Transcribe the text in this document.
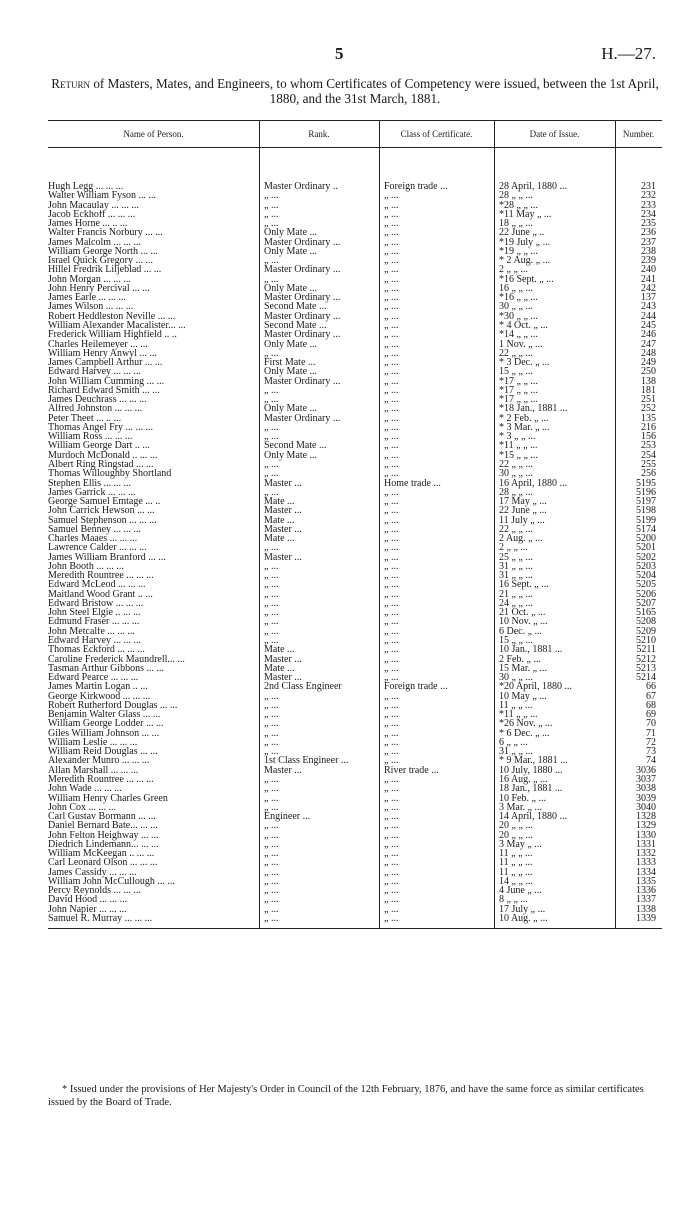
5	H.—27.
Return of Masters, Mates, and Engineers, to whom Certificates of Competency were issued, between the 1st April, 1880, and the 31st March, 1881.
Name of Person.	Rank.	Class of Certificate.	Date of Issue.	Number.
Hugh Legg ... ... ...	Master Ordinary ..	Foreign trade ...	28 April, 1880 ...	231
Walter William Fyson ... ...	„ ...	„ ...	28 „ „ ...	232
John Macaulay ... ... ...	„ ...	„ ...	*28 „ „ ...	233
Jacob Eckhoff ... ... ...	„ ...	„ ...	*11 May „ ...	234
James Horne ... .. ...	„ ...	„ ...	18 „ „ ...	235
Walter Francis Norbury ... ...	Only Mate ...	„ ...	22 June „ ..	236
James Malcolm ... ... ...	Master Ordinary ...	„ ...	*19 July „ ...	237
William George North ... ...	Only Mate ...	„ ...	*19 „ „ ...	238
Israel Quick Gregory ... ...	„ ...	„ ...	* 2 Aug. „ ...	239
Hillel Fredrik Liljeblad ... ...	Master Ordinary ...	„ ...	2 „ „ ...	240
John Morgan ... ... ...	„ ...	„ ...	*16 Sept. „ ...	241
John Henry Percival ... ...	Only Mate ...	„ ...	16 „ „ ...	242
James Earle ... ... ...	Master Ordinary ...	„ ...	*16 „ „ ...	137
James Wilson ... ... ...	Second Mate ...	„ ...	30 „ „ ...	243
Robert Heddleston Neville ... ...	Master Ordinary ...	„ ...	*30 „ „ ...	244
William Alexander Macalister... ...	Second Mate ...	„ ...	* 4 Oct. „ ...	245
Frederick William Highfield .. ..	Master Ordinary ...	„ ...	*14 „ „ ...	246
Charles Heilemeyer ... ...	Only Mate ...	„ ...	1 Nov. „ ...	247
William Henry Anwyl ... ...	„ ...	„ ...	22 „ „ ...	248
James Campbell Arthur ... ...	First Mate ...	„ ...	* 3 Dec. „ ...	249
Edward Harvey ... ... ...	Only Mate ...	„ ...	15 „ „ ...	250
John William Cumming ... ...	Master Ordinary ...	„ ...	*17 „ „ ...	138
Richard Edward Smith ... ...	„ ...	„ ...	*17 „ „ ...	181
James Deuchrass ... ... ...	„ ...	„ ...	*17 „ „ ...	251
Alfred Johnston ... ... ...	Only Mate ...	„ ...	*18 Jan., 1881 ...	252
Peter Theet ... .. ...	Master Ordinary ...	„ ...	* 2 Feb. „ ...	135
Thomas Angel Fry ... ... ...	„ ...	„ ...	* 3 Mar. „ ...	216
William Ross ... ... ...	„ ...	„ ...	* 3 „ „ ...	156
William George Dart .. ...	Second Mate ...	„ ...	*11 „ „ ...	253
Murdoch McDonald .. ... ...	Only Mate ...	„ ...	*15 „ „ ...	254
Albert Ring Ringstad ... ...	„ ...	„ ...	22 „ „ ...	255
Thomas Willoughby Shortland	„ ...	„ ...	30 „ „ ...	256
Stephen Ellis ... ... ...	Master ...	Home trade ...	16 April, 1880 ...	5195
James Garrick ... ... ...	„ ...	„ ...	28 „ „ ...	5196
George Samuel Emtage ... ..	Mate ...	„ ...	17 May „ ...	5197
John Carrick Hewson ... ...	Master ...	„ ...	22 June „ ...	5198
Samuel Stephenson ... ... ...	Mate ...	„ ...	11 July „ ...	5199
Samuel Benney ... ... ...	Master ...	„ ...	22 „ „ ...	5174
Charles Maaes ... ... ...	Mate ...	„ ...	2 Aug. „ ...	5200
Lawrence Calder ... ... ...	„ ...	„ ...	2 „ „ ...	5201
James William Branford ... ...	Master ...	„ ...	25 „ „ ...	5202
John Booth ... ... ...	„ ...	„ ...	31 „ „ ...	5203
Meredith Rountree ... ... ...	„ ...	„ ...	31 „ „ ...	5204
Edward McLeod ... ... ...	„ ...	„ ...	16 Sept. „ ...	5205
Maitland Wood Grant .. ...	„ ...	„ ...	21 „ „ ...	5206
Edward Bristow ... ... ...	„ ...	„ ...	24 „ „ ...	5207
John Steel Elgie .. ... ...	„ ...	„ ...	21 Oct. „ ...	5165
Edmund Fraser ... ... ...	„ ...	„ ...	10 Nov. „ ...	5208
John Metcalfe ... ... ...	„ ...	„ ...	6 Dec. „ ...	5209
Edward Harvey ... ... ...	„ ...	„ ...	15 „ „ ...	5210
Thomas Eckford ... ... ...	Mate ...	„ ...	10 Jan., 1881 ...	5211
Caroline Frederick Maundrell... ...	Master ...	„ ...	2 Feb. „ ...	5212
Tasman Arthur Gibbons ... ...	Mate ...	„ ...	15 Mar. „ ...	5213
Edward Pearce ... ... ...	Master ...	„ ...	30 „ „ ...	5214
James Martin Logan .. ...	2nd Class Engineer	Foreign trade ...	*20 April, 1880 ...	66
George Kirkwood ... ... ...	„ ...	„ ...	10 May „ ...	67
Robert Rutherford Douglas ... ...	„ ...	„ ...	11 „ „ ...	68
Benjamin Walter Glass ... ...	„ ...	„ ...	*11 „ „ ...	69
William George Lodder ... ...	„ ...	„ ...	*26 Nov. „ ...	70
Giles William Johnson ... ...	„ ...	„ ...	* 6 Dec. „ ...	71
William Leslie ... ... ...	„ ...	„ ...	6 „ „ ...	72
William Reid Douglas ... ...	„ ...	„ ...	31 „ „ ...	73
Alexander Munro ... ... ...	1st Class Engineer ...	„ ...	* 9 Mar., 1881 ...	74
Allan Marshall ... ... ...	Master ...	River trade ...	10 July, 1880 ...	3036
Meredith Rountree ... ... ...	„ ...	„ ...	16 Aug. „ ...	3037
John Wade ... ... ...	„ ...	„ ...	18 Jan., 1881 ...	3038
William Henry Charles Green	„ ...	„ ...	10 Feb. „ ...	3039
John Cox ... ... ...	„ ...	„ ...	3 Mar. „ ...	3040
Carl Gustav Bormann ... ...	Engineer ...	„ ...	14 April, 1880 ...	1328
Daniel Bernard Bate... ... ...	„ ...	„ ...	20 „ „ ...	1329
John Felton Heighway ... ...	„ ...	„ ...	20 „ „ ...	1330
Diedrich Lindemann... ... ...	„ ...	„ ...	3 May „ ...	1331
William McKeegan .. ... ...	„ ...	„ ...	11 „ „ ...	1332
Carl Leonard Olson ... ... ...	„ ...	„ ...	11 „ „ ...	1333
James Cassidy ... ... ...	„ ...	„ ...	11 „ „ ...	1334
William John McCullough ... ...	„ ...	„ ...	14 „ „ ...	1335
Percy Reynolds ... ... ...	„ ...	„ ...	4 June „ ...	1336
David Hood ... ... ...	„ ...	„ ...	8 „ „ ...	1337
John Napier ... ... ...	„ ...	„ ...	17 July „ ...	1338
Samuel R. Murray ... ... ...	„ ...	„ ...	10 Aug. „ ...	1339
* Issued under the provisions of Her Majesty's Order in Council of the 12th February, 1876, and have the same force as similar certificates issued by the Board of Trade.
